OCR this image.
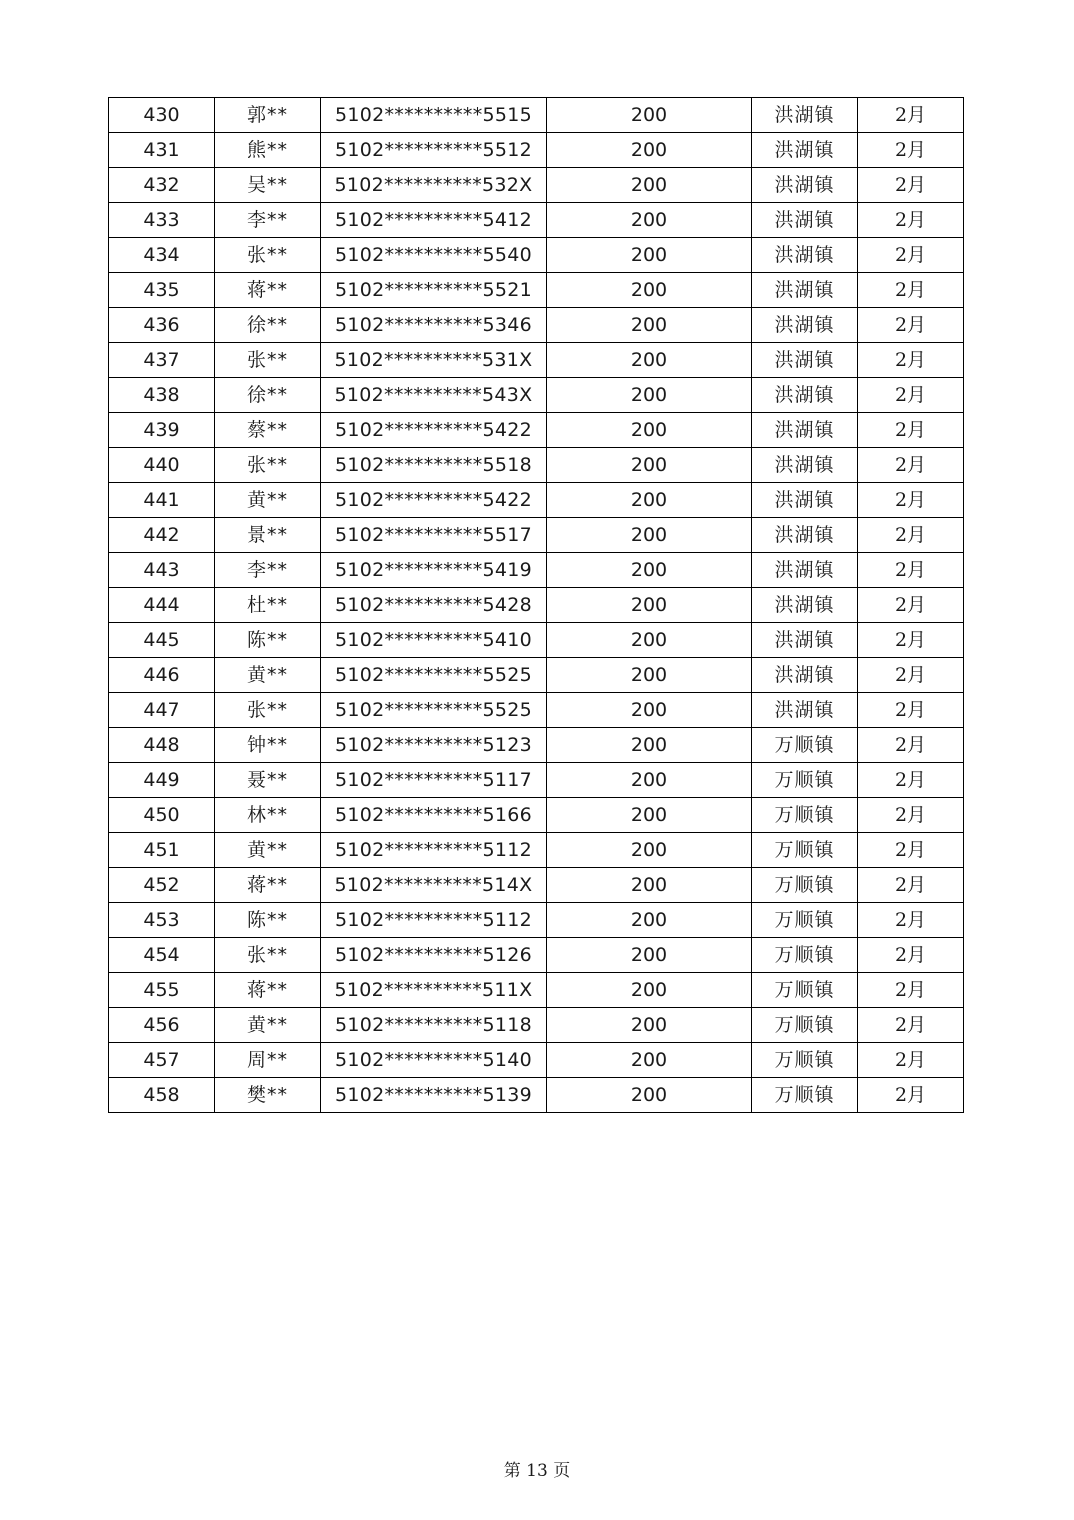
430	郭**	5102**********5515	200	洪湖镇	2月
431	熊**	5102**********5512	200	洪湖镇	2月
432	吴**	5102**********532X	200	洪湖镇	2月
433	李**	5102**********5412	200	洪湖镇	2月
434	张**	5102**********5540	200	洪湖镇	2月
435	蒋**	5102**********5521	200	洪湖镇	2月
436	徐**	5102**********5346	200	洪湖镇	2月
437	张**	5102**********531X	200	洪湖镇	2月
438	徐**	5102**********543X	200	洪湖镇	2月
439	蔡**	5102**********5422	200	洪湖镇	2月
440	张**	5102**********5518	200	洪湖镇	2月
441	黄**	5102**********5422	200	洪湖镇	2月
442	景**	5102**********5517	200	洪湖镇	2月
443	李**	5102**********5419	200	洪湖镇	2月
444	杜**	5102**********5428	200	洪湖镇	2月
445	陈**	5102**********5410	200	洪湖镇	2月
446	黄**	5102**********5525	200	洪湖镇	2月
447	张**	5102**********5525	200	洪湖镇	2月
448	钟**	5102**********5123	200	万顺镇	2月
449	聂**	5102**********5117	200	万顺镇	2月
450	林**	5102**********5166	200	万顺镇	2月
451	黄**	5102**********5112	200	万顺镇	2月
452	蒋**	5102**********514X	200	万顺镇	2月
453	陈**	5102**********5112	200	万顺镇	2月
454	张**	5102**********5126	200	万顺镇	2月
455	蒋**	5102**********511X	200	万顺镇	2月
456	黄**	5102**********5118	200	万顺镇	2月
457	周**	5102**********5140	200	万顺镇	2月
458	樊**	5102**********5139	200	万顺镇	2月
第 13 页
